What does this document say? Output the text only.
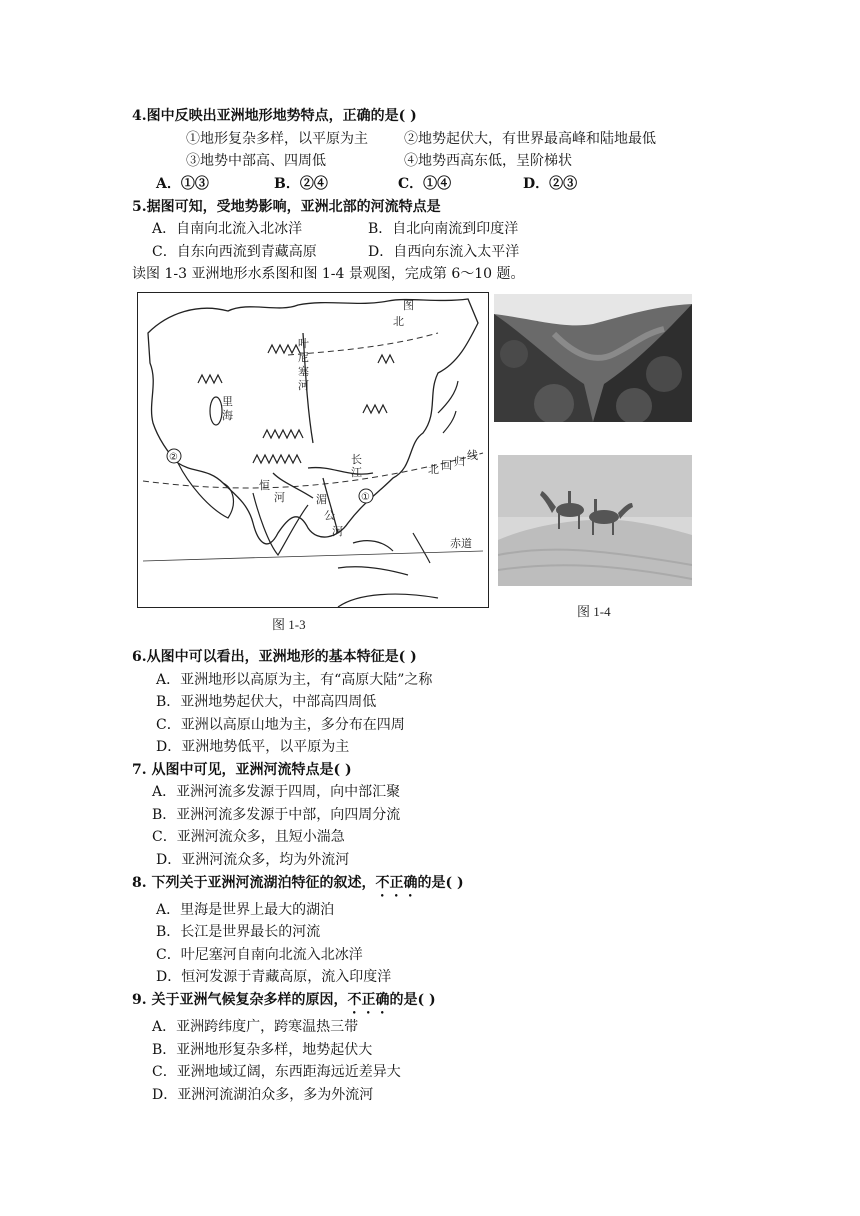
4.图中反映出亚洲地形地势特点，正确的是( )
①地形复杂多样，以平原为主	②地势起伏大，有世界最高峰和陆地最低
③地势中部高、四周低	④地势西高东低，呈阶梯状
A．①③	B．②④	C．①④	D．②③
5.据图可知，受地势影响，亚洲北部的河流特点是
A．自南向北流入北冰洋	B．自北向南流到印度洋
C．自东向西流到青藏高原	D．自西向东流入太平洋
读图 1-3 亚洲地形水系图和图 1-4 景观图，完成第 6～10 题。
叶
尼
塞
河
里
海
长
江	北 回 归 线
恒
河	湄
公
河
赤道
①
②
图
北
图 1-3
图 1-4
6.从图中可以看出，亚洲地形的基本特征是( )
A．亚洲地形以高原为主，有“高原大陆”之称
B．亚洲地势起伏大，中部高四周低
C．亚洲以高原山地为主，多分布在四周
D．亚洲地势低平，以平原为主
7. 从图中可见，亚洲河流特点是( )
A．亚洲河流多发源于四周，向中部汇聚
B．亚洲河流多发源于中部，向四周分流
C．亚洲河流众多，且短小湍急
D．亚洲河流众多，均为外流河
8. 下列关于亚洲河流湖泊特征的叙述，不正确的是( )
A．里海是世界上最大的湖泊
B．长江是世界最长的河流
C．叶尼塞河自南向北流入北冰洋
D．恒河发源于青藏高原，流入印度洋
9. 关于亚洲气候复杂多样的原因，不正确的是( )
A．亚洲跨纬度广，跨寒温热三带
B．亚洲地形复杂多样，地势起伏大
C．亚洲地域辽阔，东西距海远近差异大
D．亚洲河流湖泊众多，多为外流河
